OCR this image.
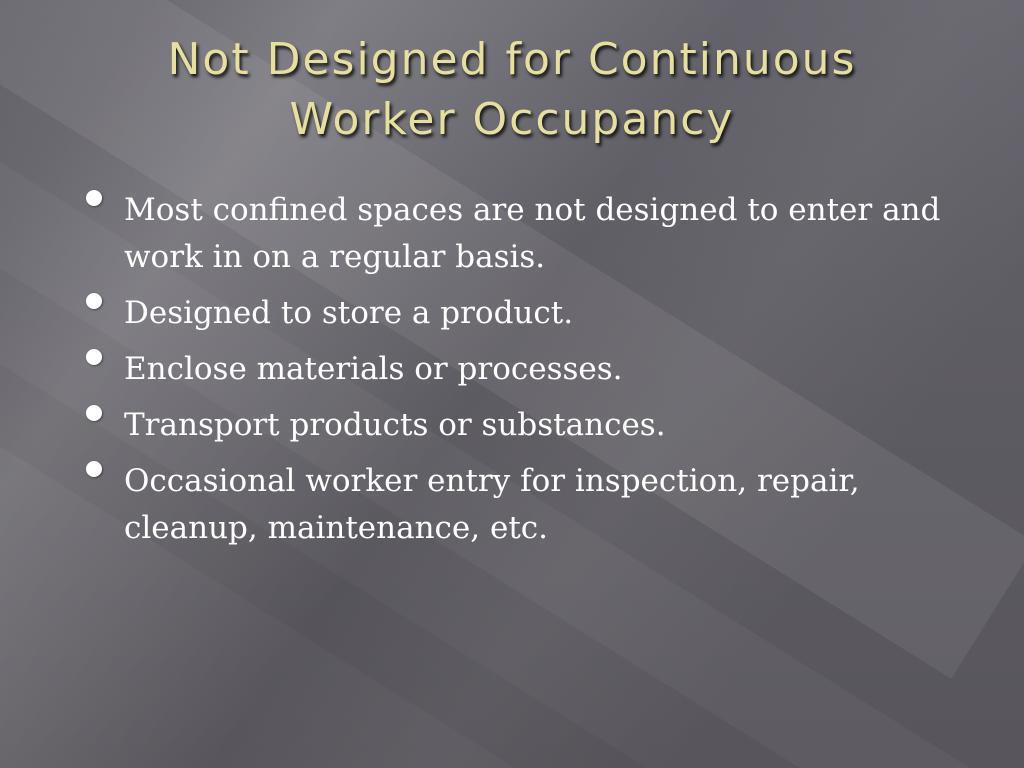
Not Designed for Continuous
Worker Occupancy
Most confined spaces are not designed to enter and work in on a regular basis.
Designed to store a product.
Enclose materials or processes.
Transport products or substances.
Occasional worker entry for inspection, repair, cleanup, maintenance, etc.
